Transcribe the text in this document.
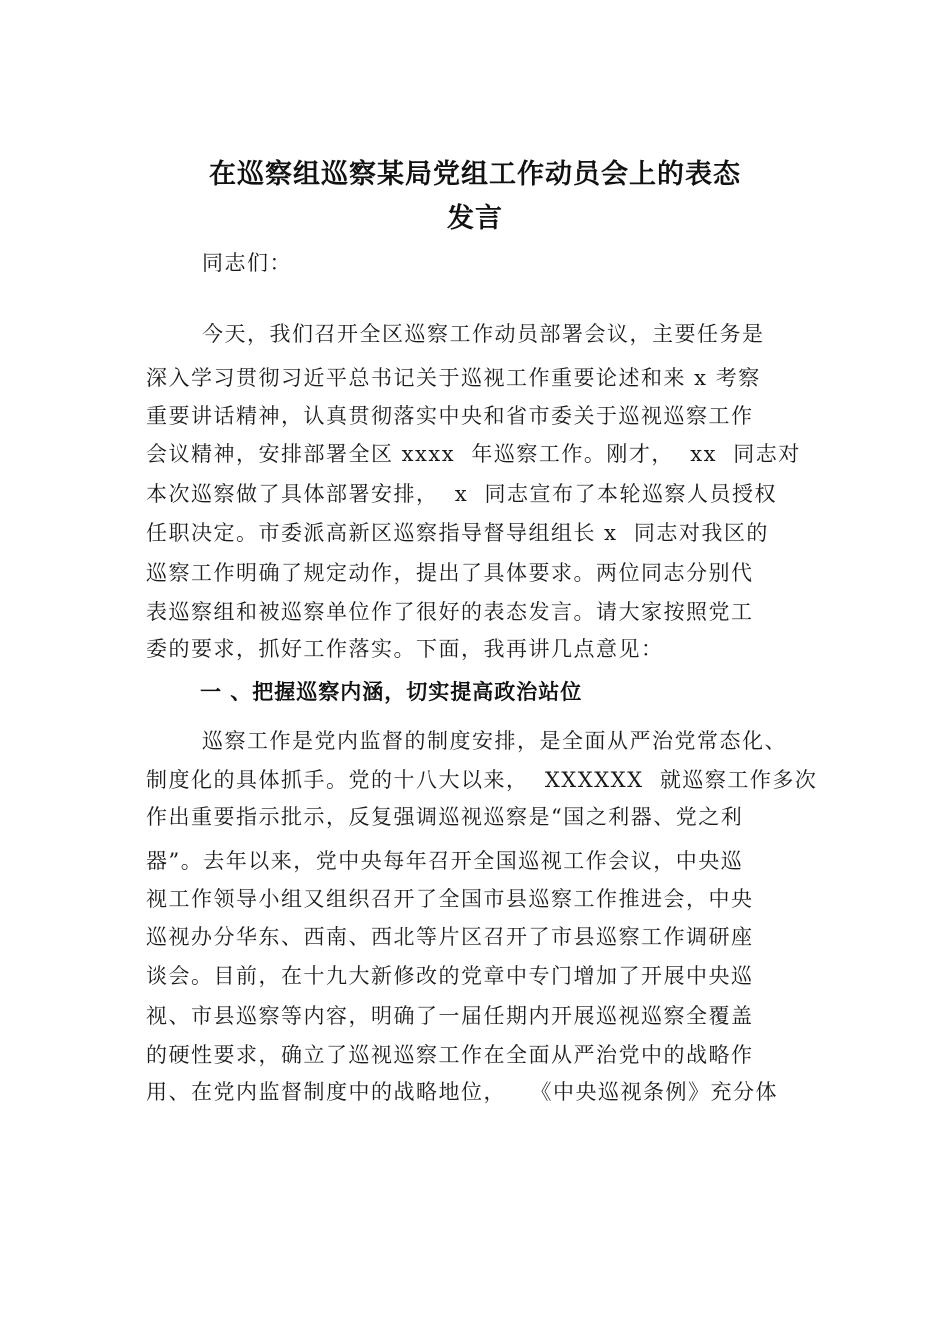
在巡察组巡察某局党组工作动员会上的表态
发言
同志们：
今天，我们召开全区巡察工作动员部署会议，主要任务是
深入学习贯彻习近平总书记关于巡视工作重要论述和来 x 考察
重要讲话精神，认真贯彻落实中央和省市委关于巡视巡察工作
会议精神，安排部署全区 xxxx  年巡察工作。刚才，  xx  同志对
本次巡察做了具体部署安排，  x  同志宣布了本轮巡察人员授权
任职决定。市委派高新区巡察指导督导组组长 x  同志对我区的
巡察工作明确了规定动作，提出了具体要求。两位同志分别代
表巡察组和被巡察单位作了很好的表态发言。请大家按照党工
委的要求，抓好工作落实。下面，我再讲几点意见：
一 、把握巡察内涵，切实提高政治站位
巡察工作是党内监督的制度安排，是全面从严治党常态化、
制度化的具体抓手。党的十八大以来，  XXXXXX  就巡察工作多次
作出重要指示批示，反复强调巡视巡察是“国之利器、党之利
器”。去年以来，党中央每年召开全国巡视工作会议，中央巡
视工作领导小组又组织召开了全国市县巡察工作推进会，中央
巡视办分华东、西南、西北等片区召开了市县巡察工作调研座
谈会。目前，在十九大新修改的党章中专门增加了开展中央巡
视、市县巡察等内容，明确了一届任期内开展巡视巡察全覆盖
的硬性要求，确立了巡视巡察工作在全面从严治党中的战略作
用、在党内监督制度中的战略地位，   《中央巡视条例》充分体
